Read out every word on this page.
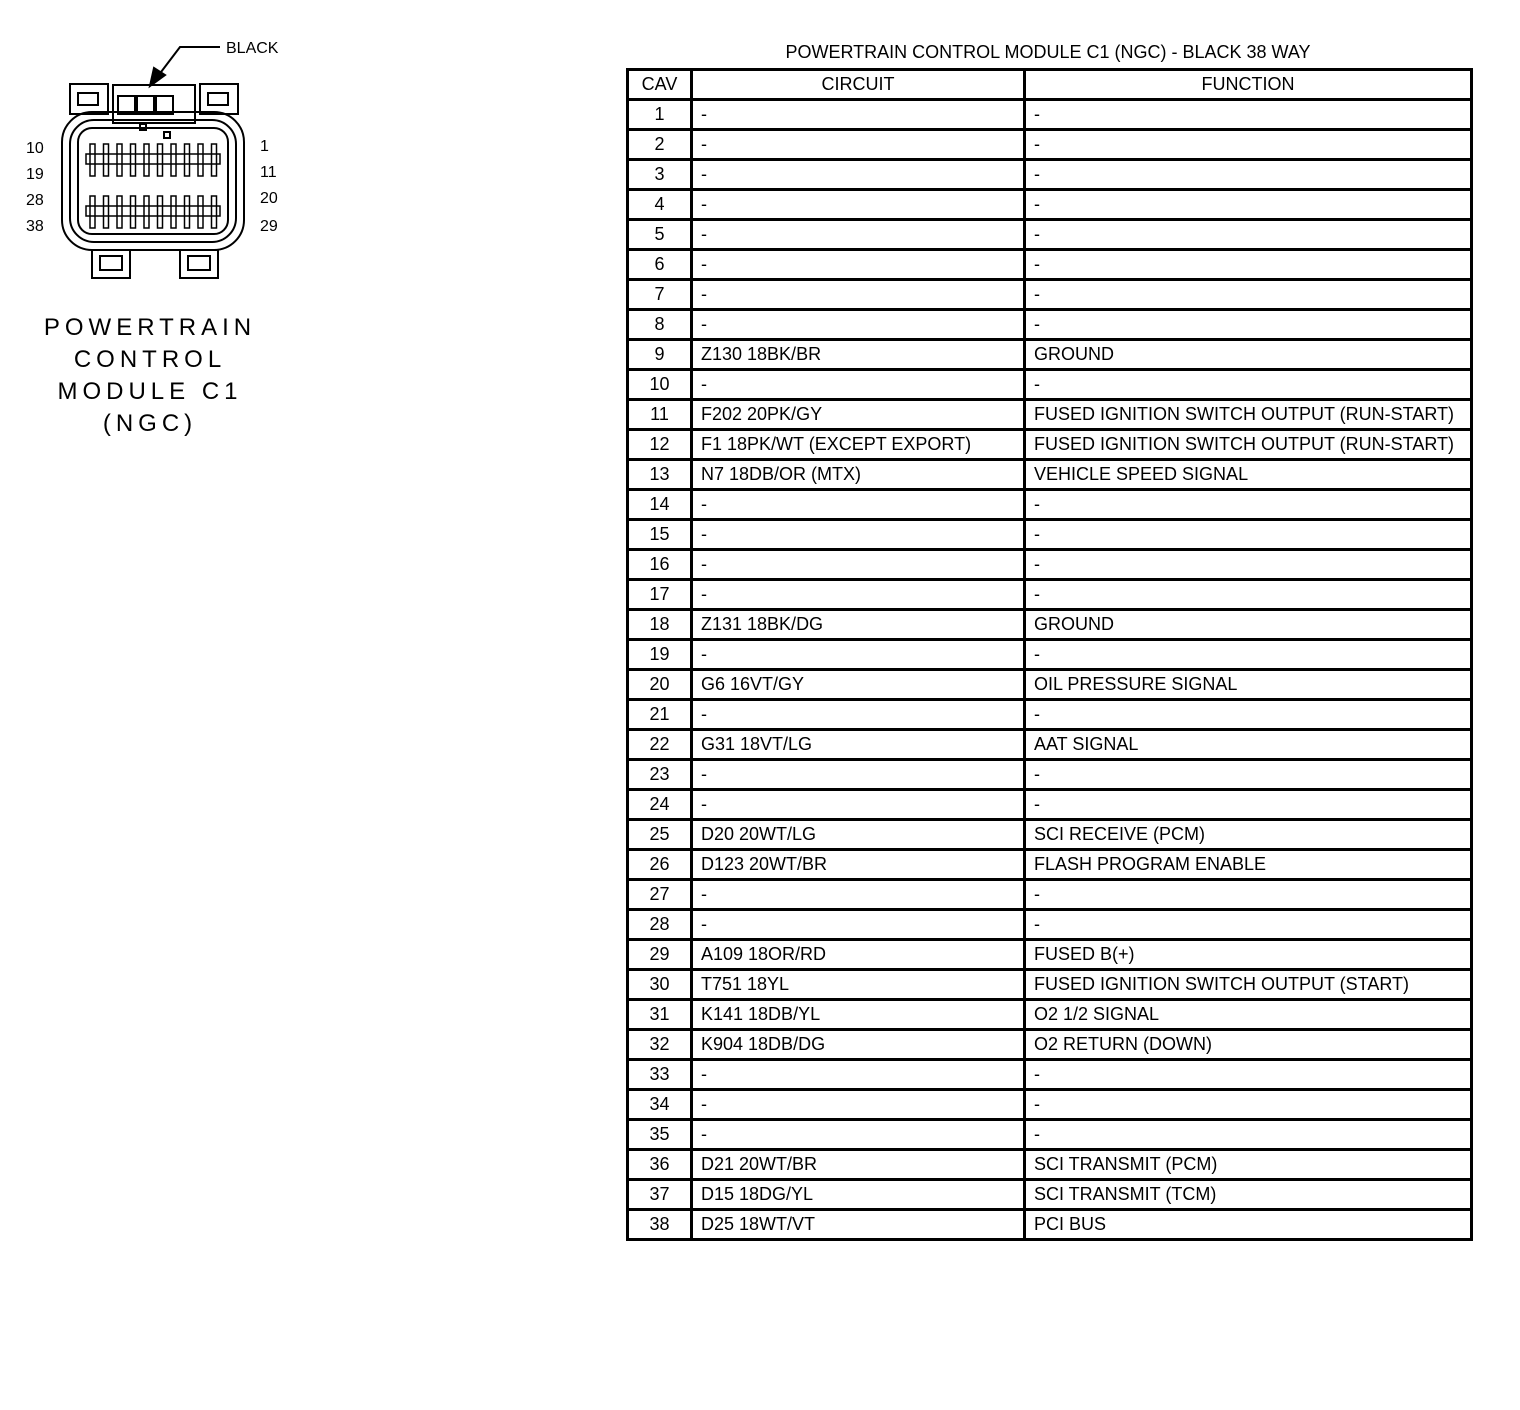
BLACK
10
19
28
38
1
11
20
29
POWERTRAIN
CONTROL
MODULE C1
(NGC)
POWERTRAIN CONTROL MODULE C1 (NGC) - BLACK 38 WAY
CAV	CIRCUIT	FUNCTION
1	-	-
2	-	-
3	-	-
4	-	-
5	-	-
6	-	-
7	-	-
8	-	-
9	Z130 18BK/BR	GROUND
10	-	-
11	F202 20PK/GY	FUSED IGNITION SWITCH OUTPUT (RUN-START)
12	F1 18PK/WT (EXCEPT EXPORT)	FUSED IGNITION SWITCH OUTPUT (RUN-START)
13	N7 18DB/OR (MTX)	VEHICLE SPEED SIGNAL
14	-	-
15	-	-
16	-	-
17	-	-
18	Z131 18BK/DG	GROUND
19	-	-
20	G6 16VT/GY	OIL PRESSURE SIGNAL
21	-	-
22	G31 18VT/LG	AAT SIGNAL
23	-	-
24	-	-
25	D20 20WT/LG	SCI RECEIVE (PCM)
26	D123 20WT/BR	FLASH PROGRAM ENABLE
27	-	-
28	-	-
29	A109 18OR/RD	FUSED B(+)
30	T751 18YL	FUSED IGNITION SWITCH OUTPUT (START)
31	K141 18DB/YL	O2 1/2 SIGNAL
32	K904 18DB/DG	O2 RETURN (DOWN)
33	-	-
34	-	-
35	-	-
36	D21 20WT/BR	SCI TRANSMIT (PCM)
37	D15 18DG/YL	SCI TRANSMIT (TCM)
38	D25 18WT/VT	PCI BUS
